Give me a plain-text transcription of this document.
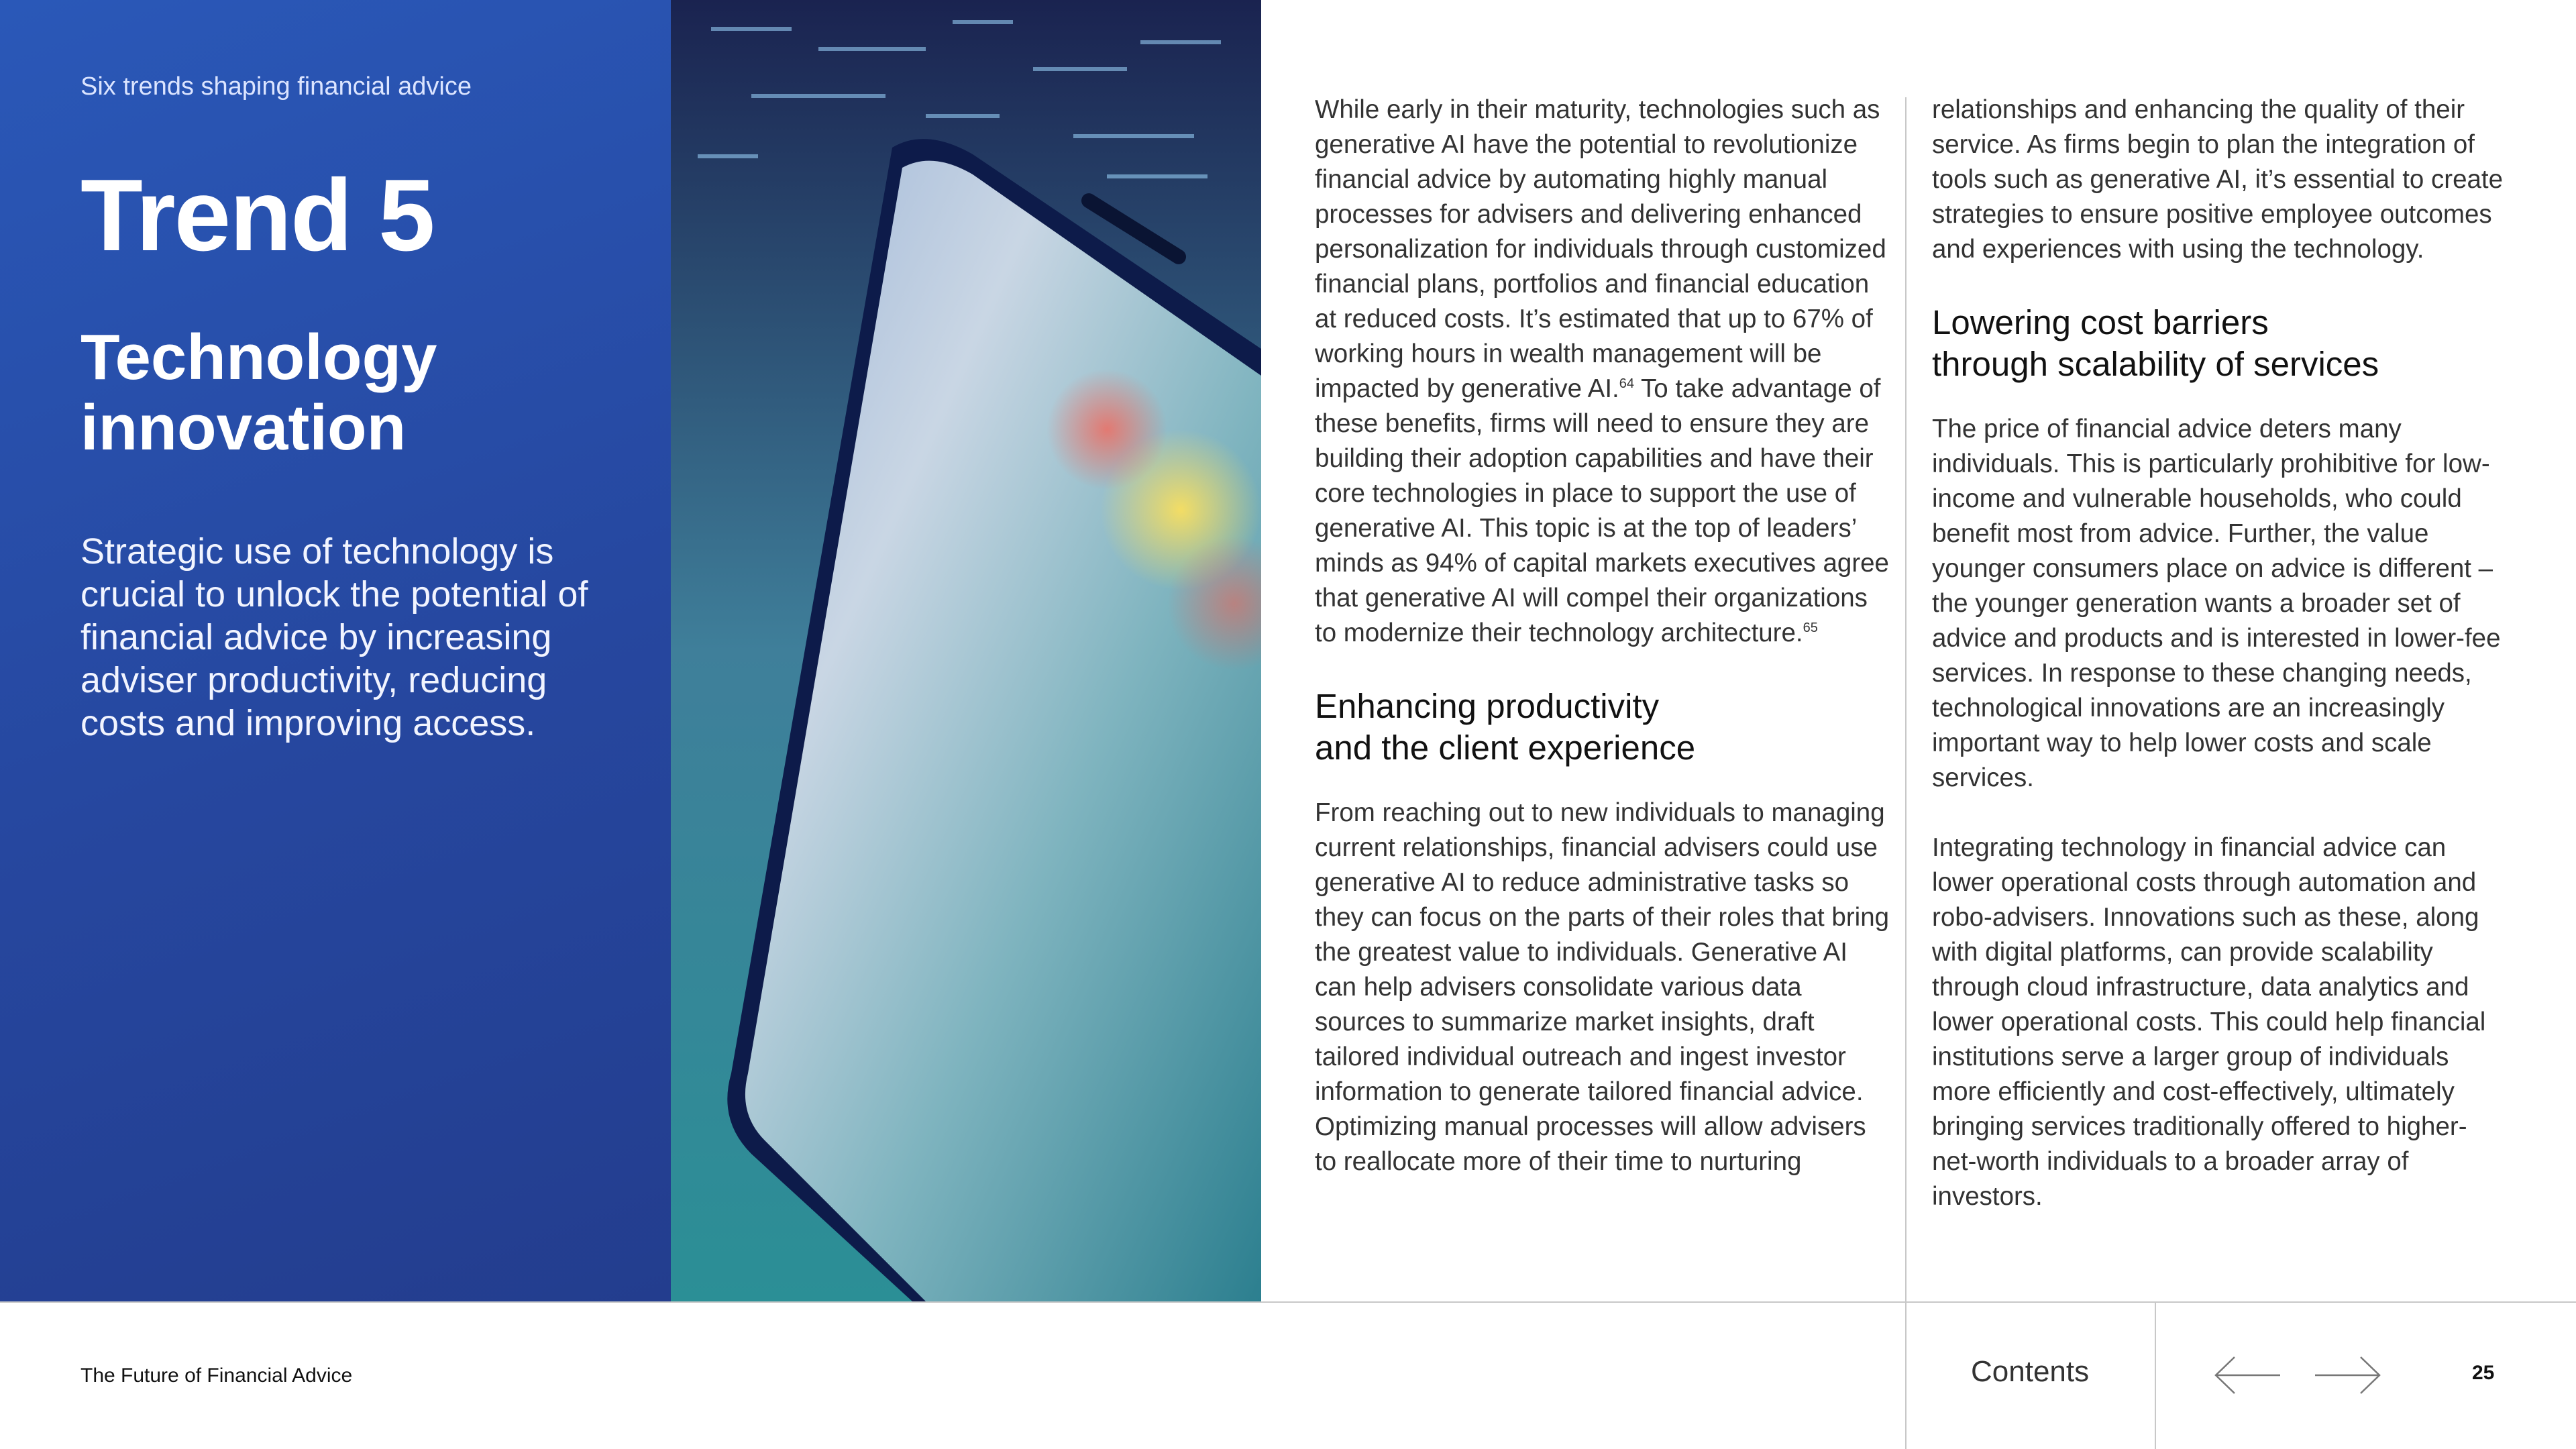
Six trends shaping financial advice
Trend 5
Technology
innovation
Strategic use of technology is crucial to unlock the potential of financial advice by increasing adviser productivity, reducing costs and improving access.

While early in their maturity, technologies such as generative AI have the potential to revolutionize financial advice by automating highly manual processes for advisers and delivering enhanced personalization for individuals through customized financial plans, portfolios and financial education at reduced costs. It’s estimated that up to 67% of working hours in wealth management will be impacted by generative AI.$^{64}$ To take advantage of these benefits, firms will need to ensure they are building their adoption capabilities and have their core technologies in place to support the use of generative AI. This topic is at the top of leaders’ minds as 94% of capital markets executives agree that generative AI will compel their organizations to modernize their technology architecture.$^{65}$

Enhancing productivity
and the client experience

From reaching out to new individuals to managing current relationships, financial advisers could use generative AI to reduce administrative tasks so they can focus on the parts of their roles that bring the greatest value to individuals. Generative AI can help advisers consolidate various data sources to summarize market insights, draft tailored individual outreach and ingest investor information to generate tailored financial advice. Optimizing manual processes will allow advisers to reallocate more of their time to nurturing

relationships and enhancing the quality of their service. As firms begin to plan the integration of tools such as generative AI, it’s essential to create strategies to ensure positive employee outcomes and experiences with using the technology.

Lowering cost barriers
through scalability of services

The price of financial advice deters many individuals. This is particularly prohibitive for low-income and vulnerable households, who could benefit most from advice. Further, the value younger consumers place on advice is different – the younger generation wants a broader set of advice and products and is interested in lower-fee services. In response to these changing needs, technological innovations are an increasingly important way to help lower costs and scale services.

Integrating technology in financial advice can lower operational costs through automation and robo-advisers. Innovations such as these, along with digital platforms, can provide scalability through cloud infrastructure, data analytics and lower operational costs. This could help financial institutions serve a larger group of individuals more efficiently and cost-effectively, ultimately bringing services traditionally offered to higher-net-worth individuals to a broader array of investors.

The Future of Financial Advice	Contents	25
